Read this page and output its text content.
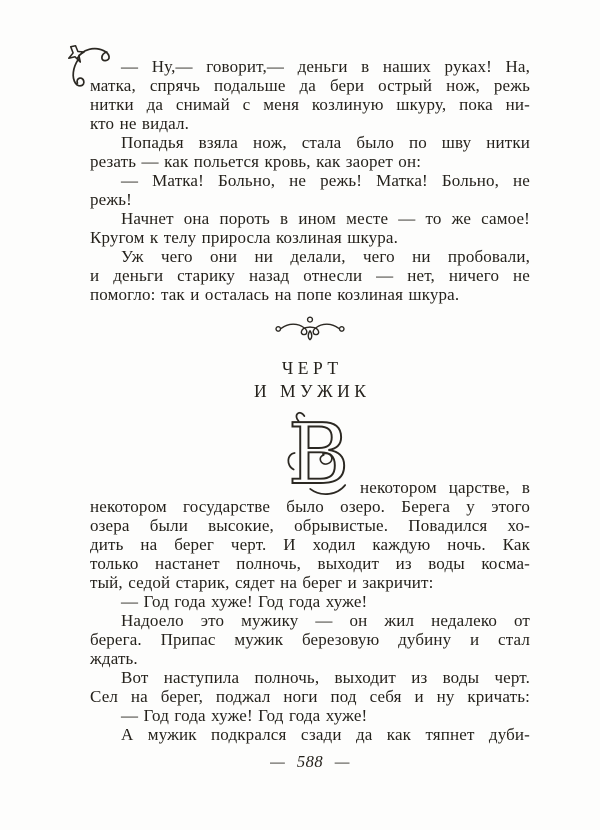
— Ну,— говорит,— деньги в наших руках! На,
матка, спрячь подальше да бери острый нож, режь
нитки да снимай с меня козлиную шкуру, пока ни-
кто не видал.
Попадья взяла нож, стала было по шву нитки
резать — как польется кровь, как заорет он:
— Матка! Больно, не режь! Матка! Больно, не
режь!
Начнет она пороть в ином месте — то же самое!
Кругом к телу приросла козлиная шкура.
Уж чего они ни делали, чего ни пробовали,
и деньги старику назад отнесли — нет, ничего не
помогло: так и осталась на попе козлиная шкура.
ЧЕРТ
И МУЖИК
В некотором царстве, в
некотором государстве было озеро. Берега у этого
озера были высокие, обрывистые. Повадился хо-
дить на берег черт. И ходил каждую ночь. Как
только настанет полночь, выходит из воды косма-
тый, седой старик, сядет на берег и закричит:
— Год года хуже! Год года хуже!
Надоело это мужику — он жил недалеко от
берега. Припас мужик березовую дубину и стал
ждать.
Вот наступила полночь, выходит из воды черт.
Сел на берег, поджал ноги под себя и ну кричать:
— Год года хуже! Год года хуже!
А мужик подкрался сзади да как тяпнет дуби-
— 588 —
